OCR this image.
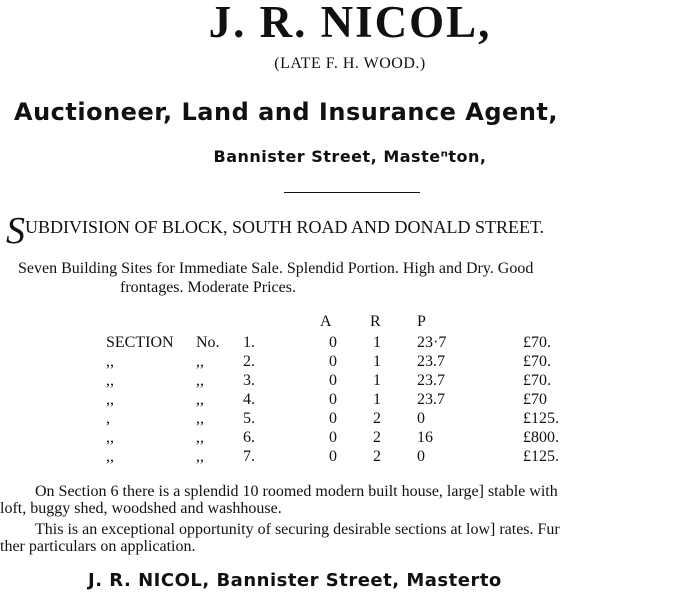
J. R. NICOL,
(LATE F. H. WOOD.)
Auctioneer, Land and Insurance Agent,
Bannister Street, Masteⁿton,
SUBDIVISION OF BLOCK, SOUTH ROAD AND DONALD STREET.
Seven Building Sites for Immediate Sale. Splendid Portion. High and Dry. Good
frontages. Moderate Prices.
A R P
SECTION No. 1.	0 1 23·7	£70.
,,	,, 2.	0 1 23.7	£70.
,,	,, 3.	0 1 23.7	£70.
,,	,, 4.	0 1 23.7	£70
,	,, 5.	0 2 0	£125.
,,	,, 6.	0 2 16	£800.
,,	,, 7.	0 2 0	£125.
On Section 6 there is a splendid 10 roomed modern built house, large] stable with
loft, buggy shed, woodshed and washhouse.
This is an exceptional opportunity of securing desirable sections at low] rates. Fur
ther particulars on application.
J. R. NICOL, Bannister Street, Masterto
